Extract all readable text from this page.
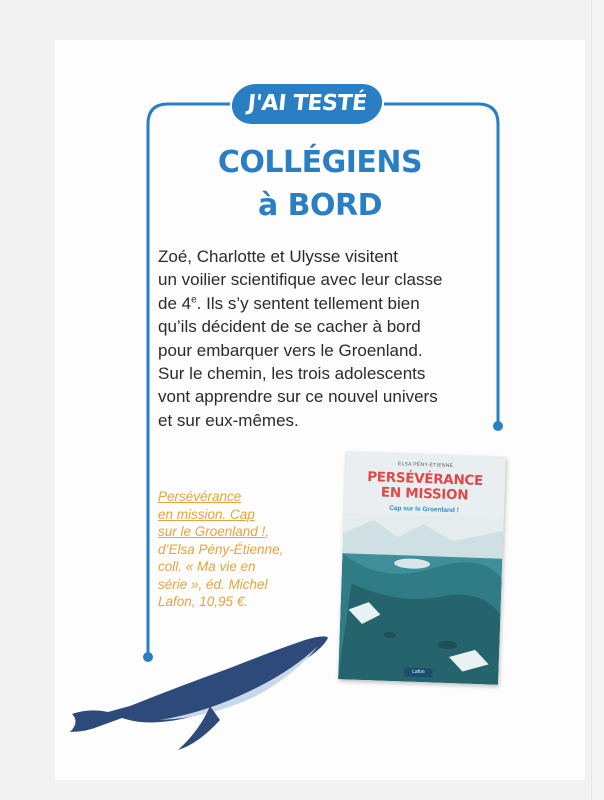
J'AI TESTÉ
COLLÉGIENS
à BORD
Zoé, Charlotte et Ulysse visitent
un voilier scientifique avec leur classe
de 4e. Ils s’y sentent tellement bien
qu’ils décident de se cacher à bord
pour embarquer vers le Groenland.
Sur le chemin, les trois adolescents
vont apprendre sur ce nouvel univers
et sur eux-mêmes.
Persévérance
en mission. Cap
sur le Groenland !,
d’Elsa Pény-Étienne,
coll. « Ma vie en
série », éd. Michel
Lafon, 10,95 €.
ELSA PÉNY-ÉTIENNE
PERSÉVÉRANCE
EN MISSION
Cap sur le Groenland !
Lafon
